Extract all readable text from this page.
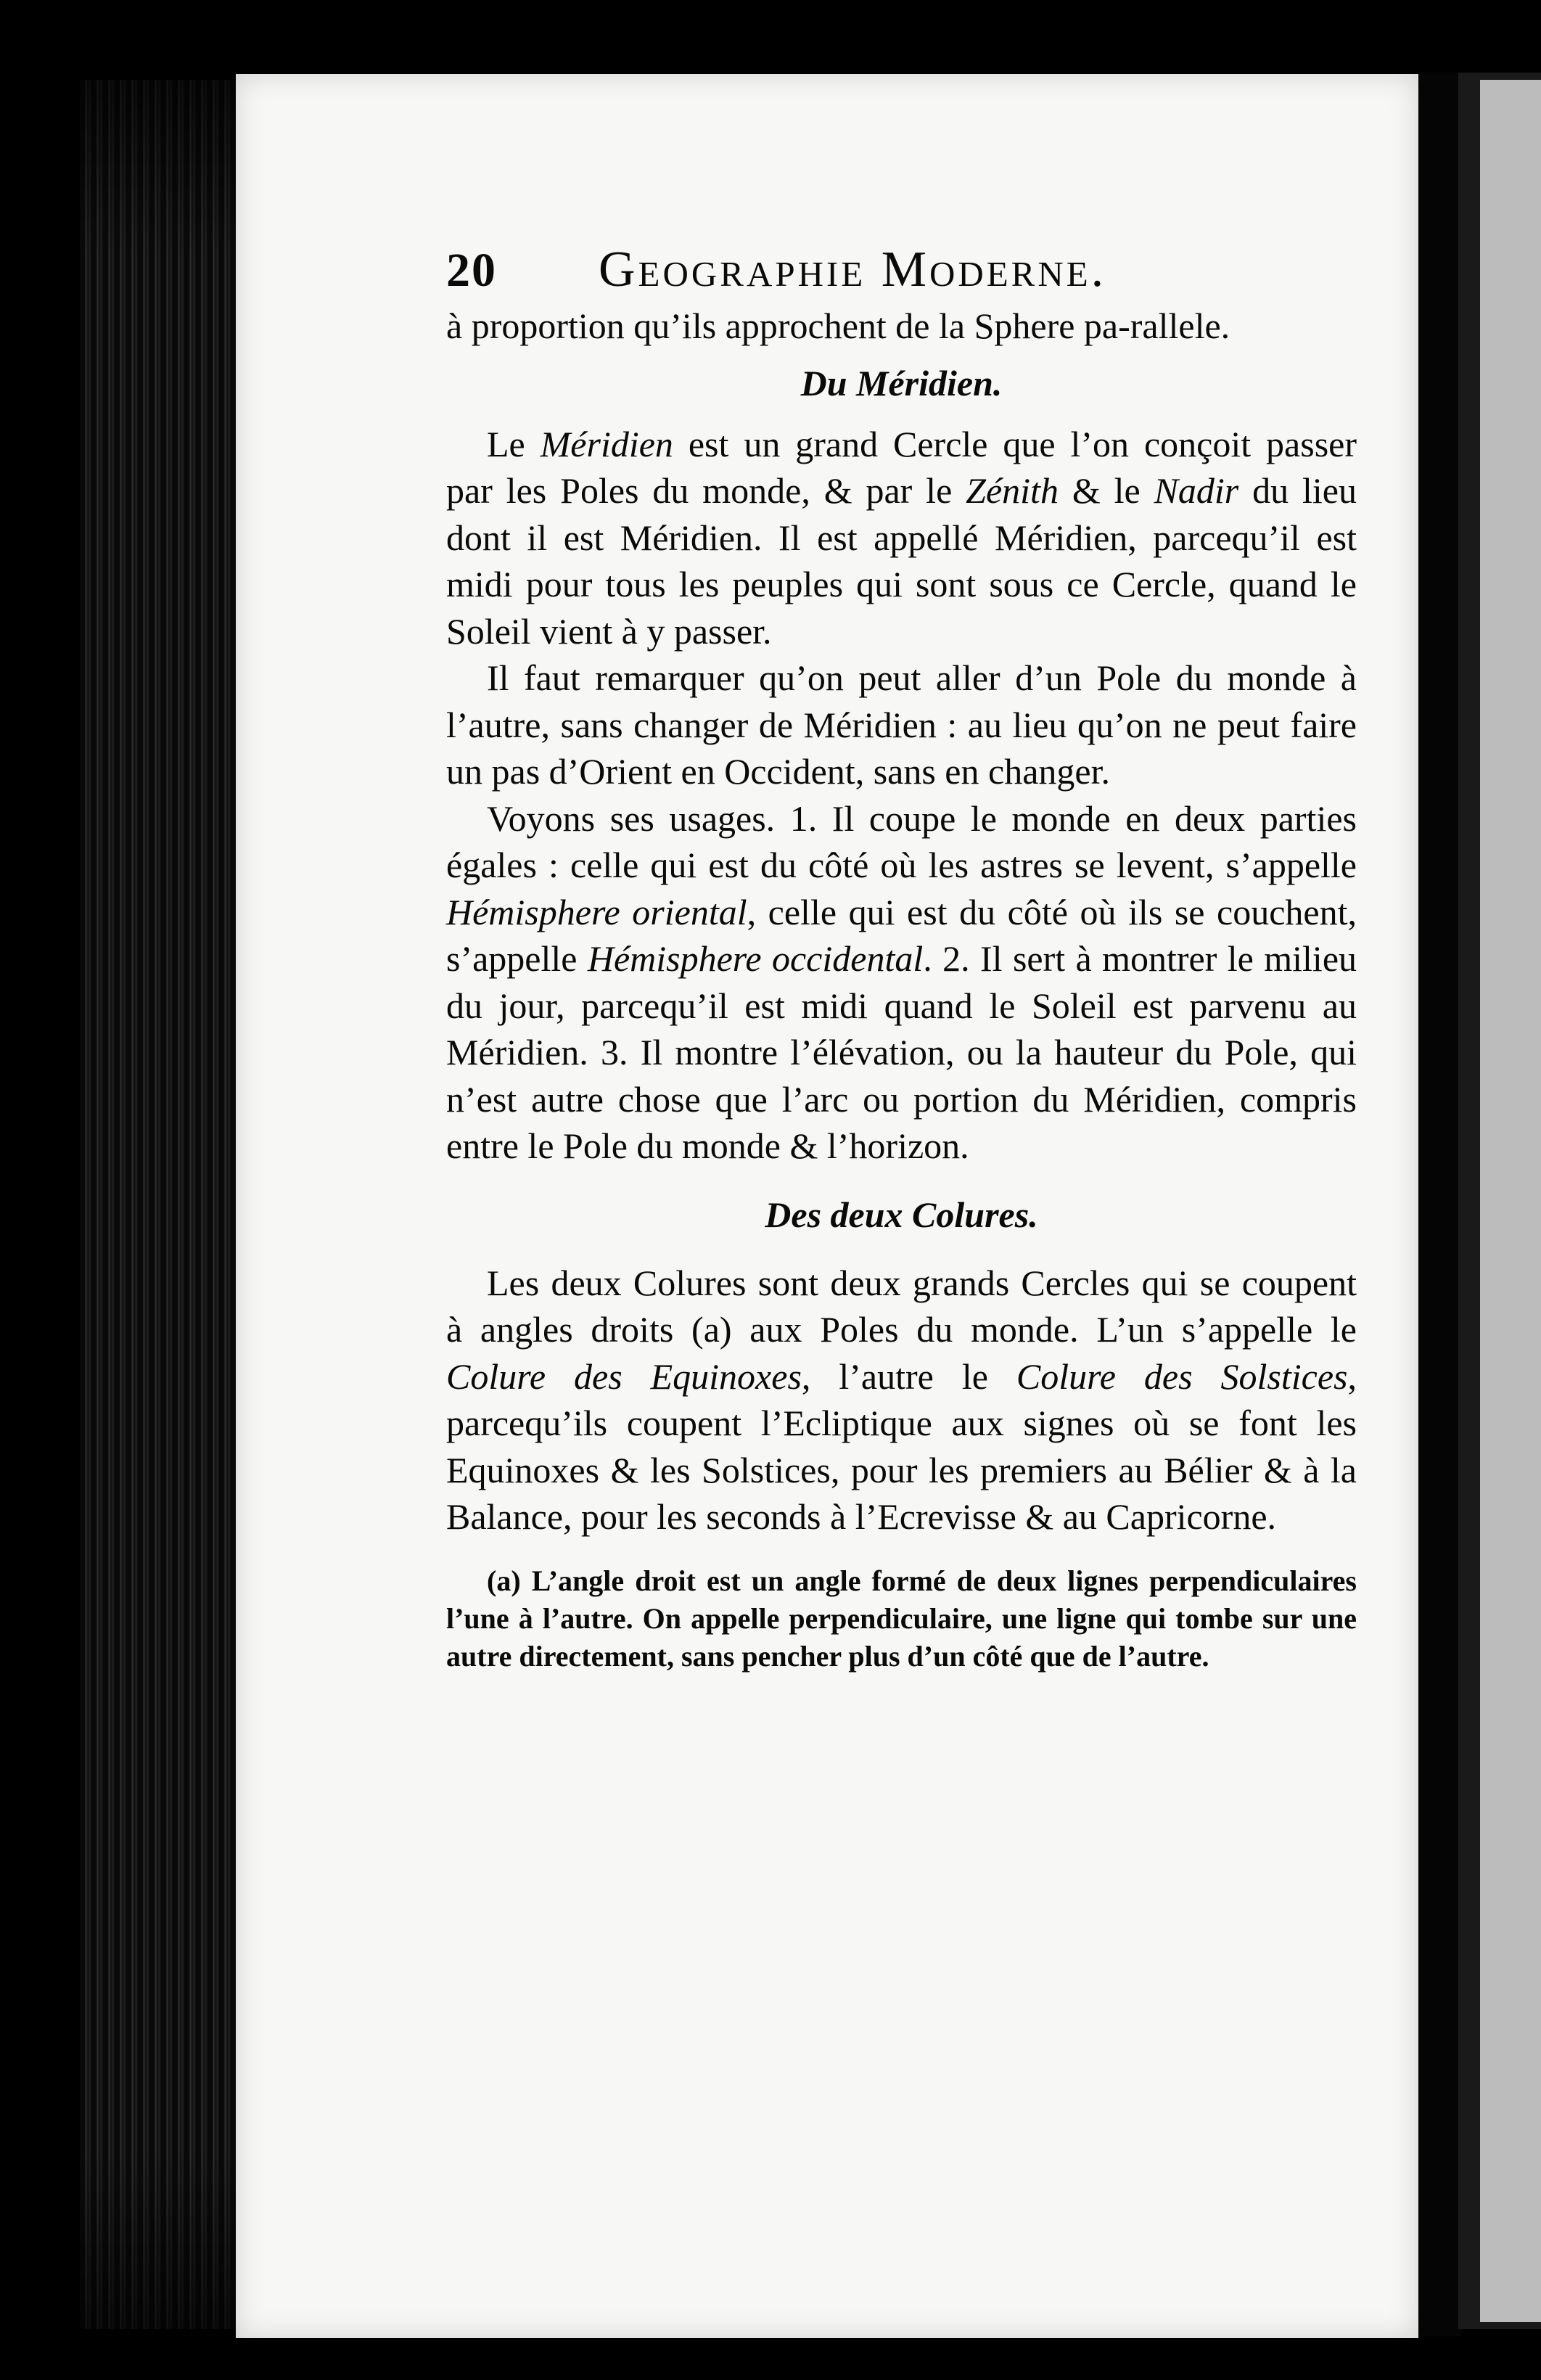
20	Geographie Moderne.

à proportion qu’ils approchent de la Sphere pa-rallele.

Du Méridien.

Le Méridien est un grand Cercle que l’on conçoit passer par les Poles du monde, & par le Zénith & le Nadir du lieu dont il est Méridien. Il est appellé Méridien, parcequ’il est midi pour tous les peuples qui sont sous ce Cercle, quand le Soleil vient à y passer.

Il faut remarquer qu’on peut aller d’un Pole du monde à l’autre, sans changer de Méridien : au lieu qu’on ne peut faire un pas d’Orient en Occident, sans en changer.

Voyons ses usages. 1. Il coupe le monde en deux parties égales : celle qui est du côté où les astres se levent, s’appelle Hémisphere oriental, celle qui est du côté où ils se couchent, s’appelle Hémisphere occidental. 2. Il sert à montrer le milieu du jour, parcequ’il est midi quand le Soleil est parvenu au Méridien. 3. Il montre l’élévation, ou la hauteur du Pole, qui n’est autre chose que l’arc ou portion du Méridien, compris entre le Pole du monde & l’horizon.

Des deux Colures.

Les deux Colures sont deux grands Cercles qui se coupent à angles droits (a) aux Poles du monde. L’un s’appelle le Colure des Equinoxes, l’autre le Colure des Solstices, parcequ’ils coupent l’Ecliptique aux signes où se font les Equinoxes & les Solstices, pour les premiers au Bélier & à la Balance, pour les seconds à l’Ecrevisse & au Capricorne.

(a) L’angle droit est un angle formé de deux lignes perpendiculaires l’une à l’autre. On appelle perpendiculaire, une ligne qui tombe sur une autre directement, sans pencher plus d’un côté que de l’autre.
